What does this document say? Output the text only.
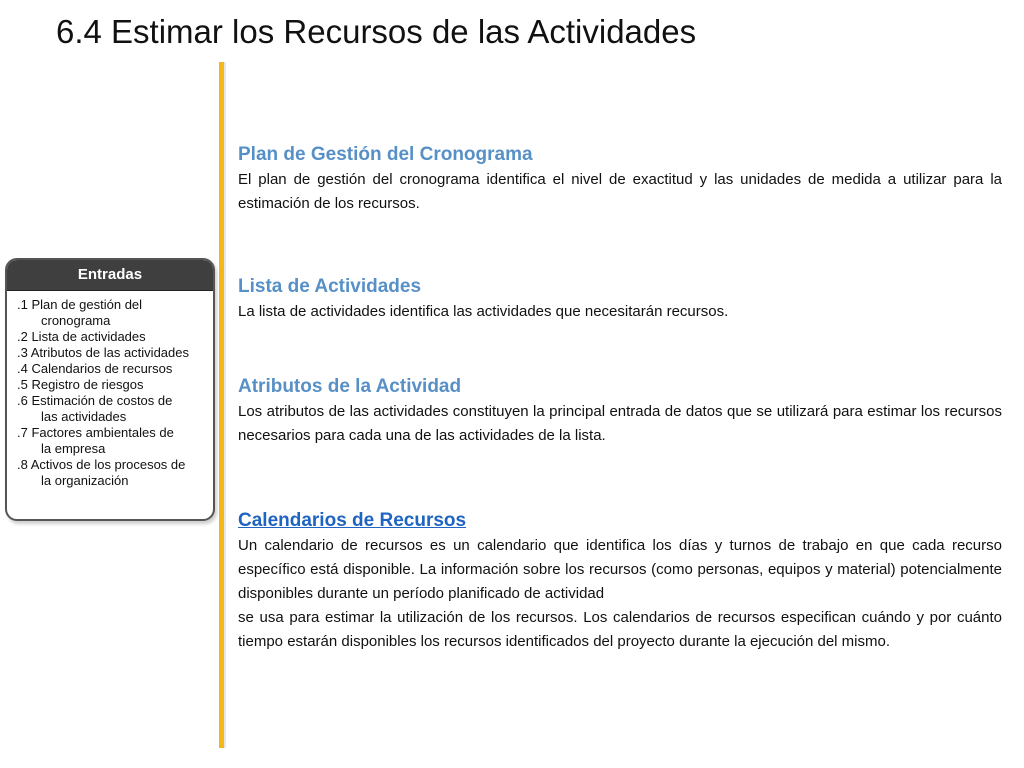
6.4 Estimar los Recursos de las Actividades
Entradas
.1 Plan de gestión del
cronograma
.2 Lista de actividades
.3 Atributos de las actividades
.4 Calendarios de recursos
.5 Registro de riesgos
.6 Estimación de costos de
las actividades
.7 Factores ambientales de
la empresa
.8 Activos de los procesos de
la organización

Plan de Gestión del Cronograma

El plan de gestión del cronograma identifica el nivel de exactitud y las unidades de medida a utilizar para la estimación de los recursos.

Lista de Actividades

La lista de actividades identifica las actividades que necesitarán recursos.

Atributos de la Actividad

Los atributos de las actividades constituyen la principal entrada de datos que se utilizará para estimar los recursos necesarios para cada una de las actividades de la lista.

Calendarios de Recursos

Un calendario de recursos es un calendario que identifica los días y turnos de trabajo en que cada recurso específico está disponible. La información sobre los recursos (como personas, equipos y material) potencialmente disponibles durante un período planificado de actividad

se usa para estimar la utilización de los recursos. Los calendarios de recursos especifican cuándo y por cuánto tiempo estarán disponibles los recursos identificados del proyecto durante la ejecución del mismo.
